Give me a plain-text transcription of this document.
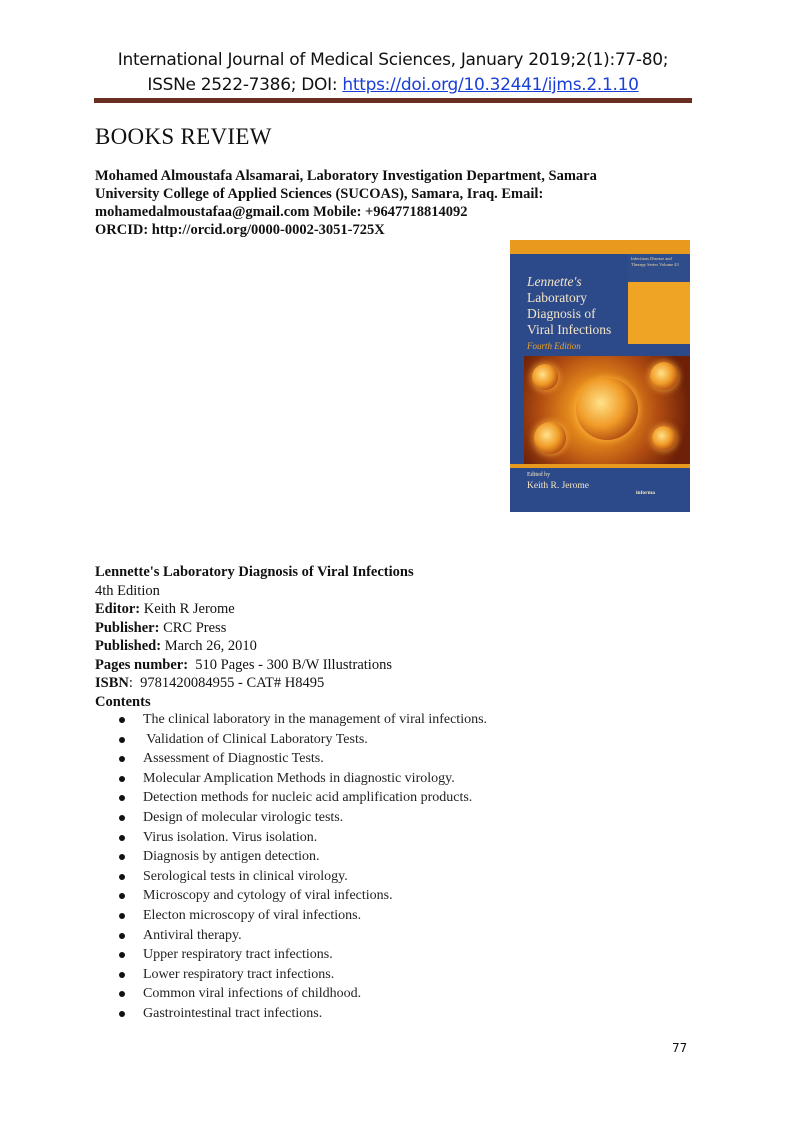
International Journal of Medical Sciences, January 2019;2(1):77-80;
ISSNe 2522-7386; DOI: https://doi.org/10.32441/ijms.2.1.10
BOOKS REVIEW
Mohamed Almoustafa Alsamarai, Laboratory Investigation Department, Samara
University College of Applied Sciences (SUCOAS), Samara, Iraq. Email:
mohamedalmoustafaa@gmail.com Mobile: +9647718814092
ORCID: http://orcid.org/0000-0002-3051-725X
Infectious Disease and Therapy Series Volume 43
Lennette's
Laboratory
Diagnosis of
Viral Infections
Fourth Edition
Edited by
Keith R. Jerome
informa
Lennette's Laboratory Diagnosis of Viral Infections
4th Edition
Editor: Keith R Jerome
Publisher: CRC Press
Published: March 26, 2010
Pages number:  510 Pages - 300 B/W Illustrations
ISBN:  9781420084955 - CAT# H8495
Contents
The clinical laboratory in the management of viral infections.
Validation of Clinical Laboratory Tests.
Assessment of Diagnostic Tests.
Molecular Amplication Methods in diagnostic virology.
Detection methods for nucleic acid amplification products.
Design of molecular virologic tests.
Virus isolation. Virus isolation.
Diagnosis by antigen detection.
Serological tests in clinical virology.
Microscopy and cytology of viral infections.
Electon microscopy of viral infections.
Antiviral therapy.
Upper respiratory tract infections.
Lower respiratory tract infections.
Common viral infections of childhood.
Gastrointestinal tract infections.
77
